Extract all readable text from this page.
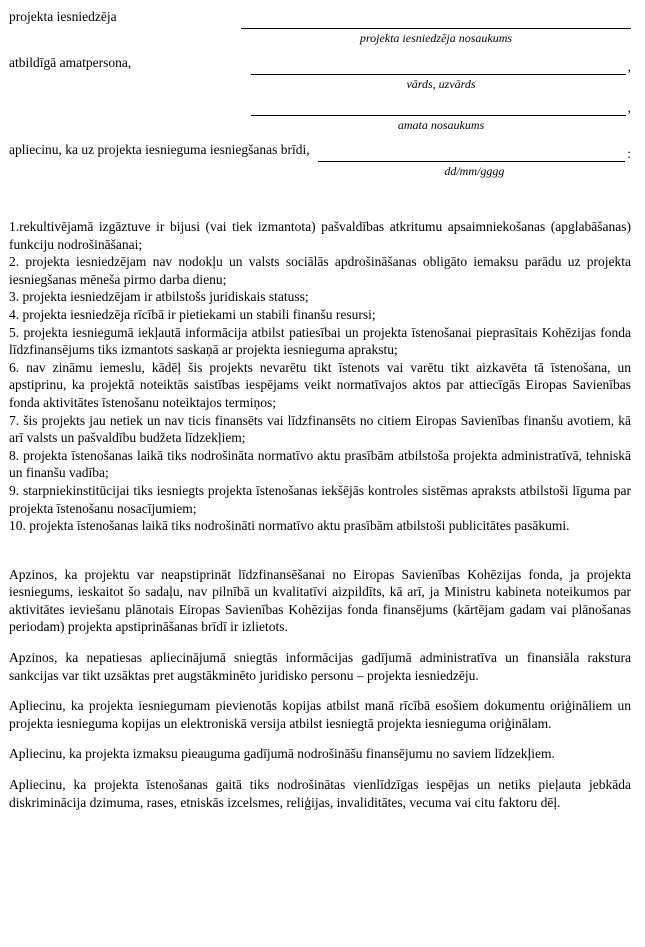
projekta iesniedzēja
projekta iesniedzēja nosaukums
atbildīgā amatpersona,	,
vārds, uzvārds
,
amata nosaukums
apliecinu, ka uz projekta iesnieguma iesniegšanas brīdi,	:
dd/mm/gggg

1.rekultivējamā izgāztuve ir bijusi (vai tiek izmantota) pašvaldības atkritumu apsaimniekošanas (apglabāšanas) funkciju nodrošināšanai;

2. projekta iesniedzējam nav nodokļu un valsts sociālās apdrošināšanas obligāto iemaksu parādu uz projekta iesniegšanas mēneša pirmo darba dienu;

3. projekta iesniedzējam ir atbilstošs juridiskais statuss;

4. projekta iesniedzēja rīcībā ir pietiekami un stabili finanšu resursi;

5. projekta iesniegumā iekļautā informācija atbilst patiesībai un projekta īstenošanai pieprasītais Kohēzijas fonda līdzfinansējums tiks izmantots saskaņā ar projekta iesnieguma aprakstu;

6. nav zināmu iemeslu, kādēļ šis projekts nevarētu tikt īstenots vai varētu tikt aizkavēta tā īstenošana, un apstiprinu, ka projektā noteiktās saistības iespējams veikt normatīvajos aktos par attiecīgās Eiropas Savienības fonda aktivitātes īstenošanu noteiktajos termiņos;

7. šis projekts jau netiek un nav ticis finansēts vai līdzfinansēts no citiem Eiropas Savienības finanšu avotiem, kā arī valsts un pašvaldību budžeta līdzekļiem;

8. projekta īstenošanas laikā tiks nodrošināta normatīvo aktu prasībām atbilstoša projekta administratīvā, tehniskā un finanšu vadība;

9. starpniekinstitūcijai tiks iesniegts projekta īstenošanas iekšējās kontroles sistēmas apraksts atbilstoši līguma par projekta īstenošanu nosacījumiem;

10. projekta īstenošanas laikā tiks nodrošināti normatīvo aktu prasībām atbilstoši publicitātes pasākumi.

Apzinos, ka projektu var neapstiprināt līdzfinansēšanai no Eiropas Savienības Kohēzijas fonda, ja projekta iesniegums, ieskaitot šo sadaļu, nav pilnībā un kvalitatīvi aizpildīts, kā arī, ja Ministru kabineta noteikumos par aktivitātes ieviešanu plānotais Eiropas Savienības Kohēzijas fonda finansējums (kārtējam gadam vai plānošanas periodam) projekta apstiprināšanas brīdī ir izlietots.

Apzinos, ka nepatiesas apliecinājumā sniegtās informācijas gadījumā administratīva un finansiāla rakstura sankcijas var tikt uzsāktas pret augstākminēto juridisko personu – projekta iesniedzēju.

Apliecinu, ka projekta iesniegumam pievienotās kopijas atbilst manā rīcībā esošiem dokumentu oriģināliem un projekta iesnieguma kopijas un elektroniskā versija atbilst iesniegtā projekta iesnieguma oriģinālam.

Apliecinu, ka projekta izmaksu pieauguma gadījumā nodrošināšu finansējumu no saviem līdzekļiem.

Apliecinu, ka projekta īstenošanas gaitā tiks nodrošinātas vienlīdzīgas iespējas un netiks pieļauta jebkāda diskriminācija dzimuma, rases, etniskās izcelsmes, reliģijas, invaliditātes, vecuma vai citu faktoru dēļ.
